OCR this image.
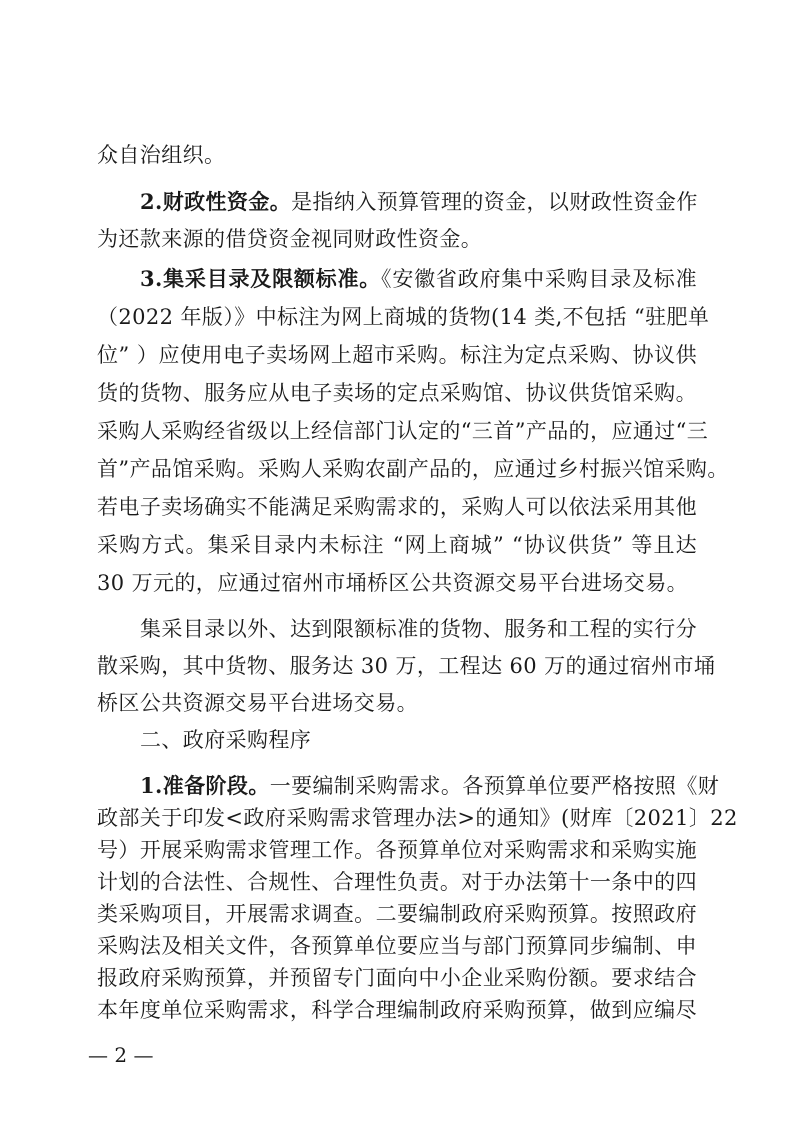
众自治组织。
2.财政性资金。是指纳入预算管理的资金，以财政性资金作
为还款来源的借贷资金视同财政性资金。
3.集采目录及限额标准。《安徽省政府集中采购目录及标准
（2022 年版）》中标注为网上商城的货物(14 类,不包括 “驻肥单
位” ）应使用电子卖场网上超市采购。标注为定点采购、协议供
货的货物、服务应从电子卖场的定点采购馆、协议供货馆采购。
采购人采购经省级以上经信部门认定的“三首”产品的，应通过“三
首”产品馆采购。采购人采购农副产品的，应通过乡村振兴馆采购。
若电子卖场确实不能满足采购需求的，采购人可以依法采用其他
采购方式。集采目录内未标注 “网上商城” “协议供货” 等且达
30 万元的，应通过宿州市埇桥区公共资源交易平台进场交易。
集采目录以外、达到限额标准的货物、服务和工程的实行分
散采购，其中货物、服务达 30 万，工程达 60 万的通过宿州市埇
桥区公共资源交易平台进场交易。
二、政府采购程序
1.准备阶段。一要编制采购需求。各预算单位要严格按照《财
政部关于印发<政府采购需求管理办法>的通知》(财库〔2021〕22
号）开展采购需求管理工作。各预算单位对采购需求和采购实施
计划的合法性、合规性、合理性负责。对于办法第十一条中的四
类采购项目，开展需求调查。二要编制政府采购预算。按照政府
采购法及相关文件，各预算单位要应当与部门预算同步编制、申
报政府采购预算，并预留专门面向中小企业采购份额。要求结合
— 2 —
本年度单位采购需求，科学合理编制政府采购预算，做到应编尽
